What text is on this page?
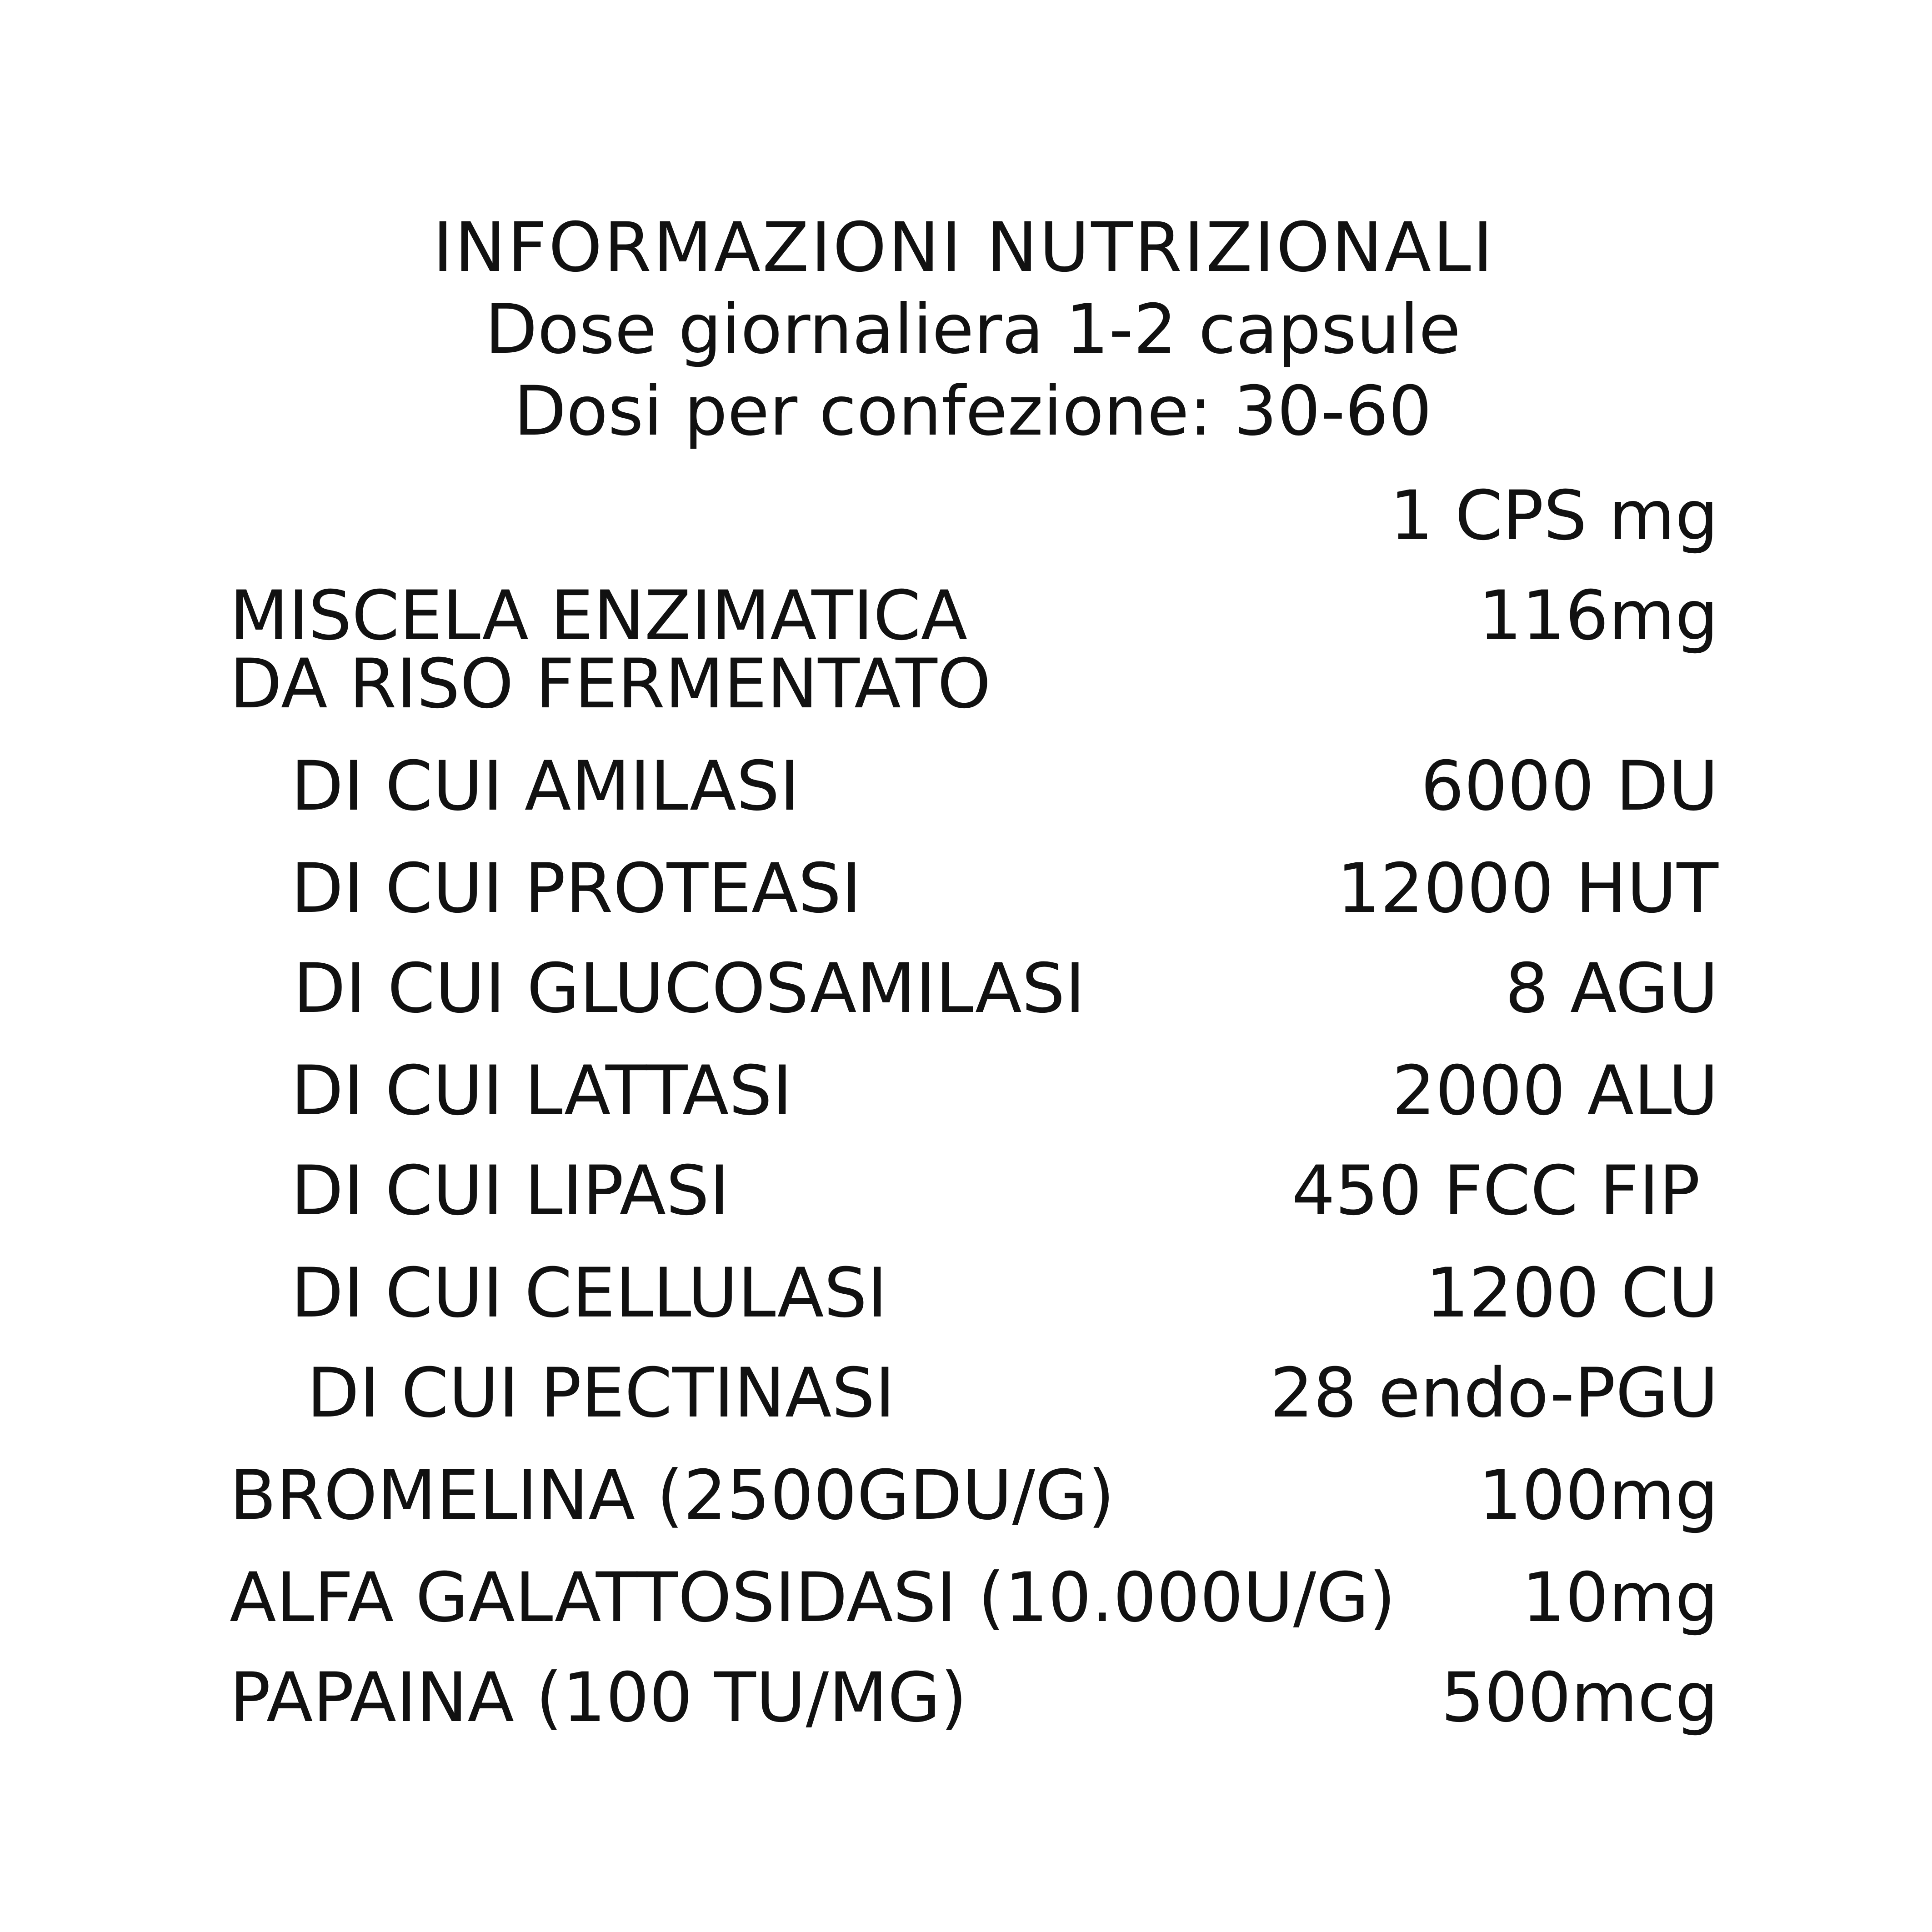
INFORMAZIONI NUTRIZIONALI
Dose giornaliera 1-2 capsule
Dosi per confezione: 30-60
1 CPS mg
MISCELA ENZIMATICA
DA RISO FERMENTATO
116mg
DI CUI AMILASI	6000 DU
DI CUI PROTEASI	12000 HUT
DI CUI GLUCOSAMILASI	8 AGU
DI CUI LATTASI	2000 ALU
DI CUI LIPASI	450 FCC FIP
DI CUI CELLULASI	1200 CU
DI CUI PECTINASI	28 endo-PGU
BROMELINA (2500GDU/G)	100mg
ALFA GALATTOSIDASI (10.000U/G) 10mg
PAPAINA (100 TU/MG)	500mcg
